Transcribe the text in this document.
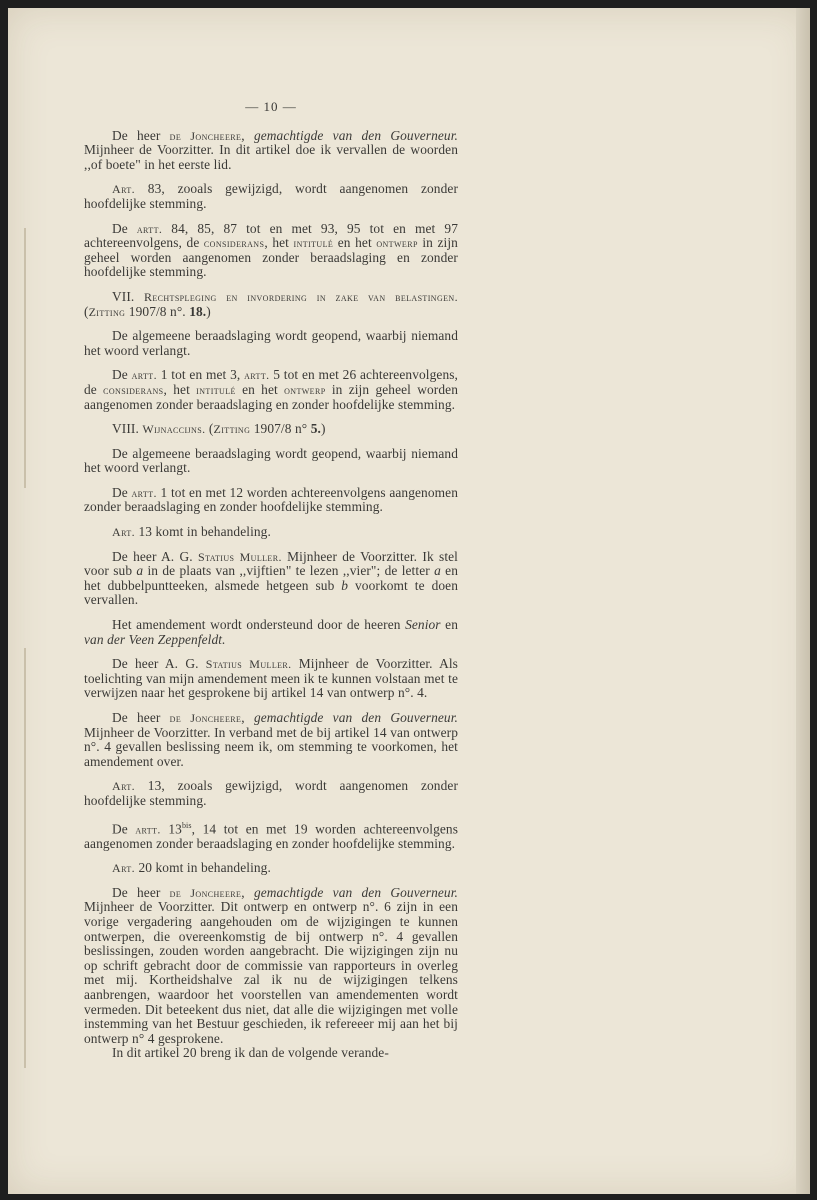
— 10 —

De heer de Joncheere, gemachtigde van den Gouverneur. Mijnheer de Voorzitter. In dit artikel doe ik vervallen de woorden ,,of boete" in het eerste lid.

Art. 83, zooals gewijzigd, wordt aangenomen zonder hoofdelijke stemming.

De artt. 84, 85, 87 tot en met 93, 95 tot en met 97 achtereenvolgens, de considerans, het intitulé en het ontwerp in zijn geheel worden aangenomen zonder beraadslaging en zonder hoofdelijke stemming.

VII. Rechtspleging en invordering in zake van belastingen. (Zitting 1907/8 n°. 18.)

De algemeene beraadslaging wordt geopend, waarbij niemand het woord verlangt.

De artt. 1 tot en met 3, artt. 5 tot en met 26 achtereenvolgens, de considerans, het intitulé en het ontwerp in zijn geheel worden aangenomen zonder beraadslaging en zonder hoofdelijke stemming.

VIII. Wijnaccijns. (Zitting 1907/8 n° 5.)

De algemeene beraadslaging wordt geopend, waarbij niemand het woord verlangt.

De artt. 1 tot en met 12 worden achtereenvolgens aangenomen zonder beraadslaging en zonder hoofdelijke stemming.

Art. 13 komt in behandeling.

De heer A. G. Statius Muller. Mijnheer de Voorzitter. Ik stel voor sub a in de plaats van ,,vijftien" te lezen ,,vier"; de letter a en het dubbelpuntteeken, alsmede hetgeen sub b voorkomt te doen vervallen.

Het amendement wordt ondersteund door de heeren Senior en van der Veen Zeppenfeldt.

De heer A. G. Statius Muller. Mijnheer de Voorzitter. Als toelichting van mijn amendement meen ik te kunnen volstaan met te verwijzen naar het gesprokene bij artikel 14 van ontwerp n°. 4.

De heer de Joncheere, gemachtigde van den Gouverneur. Mijnheer de Voorzitter. In verband met de bij artikel 14 van ontwerp n°. 4 gevallen beslissing neem ik, om stemming te voorkomen, het amendement over.

Art. 13, zooals gewijzigd, wordt aangenomen zonder hoofdelijke stemming.

De artt. $13^{bis}$, 14 tot en met 19 worden achtereenvolgens aangenomen zonder beraadslaging en zonder hoofdelijke stemming.

Art. 20 komt in behandeling.

De heer de Joncheere, gemachtigde van den Gouverneur. Mijnheer de Voorzitter. Dit ontwerp en ontwerp n°. 6 zijn in een vorige vergadering aangehouden om de wijzigingen te kunnen ontwerpen, die overeenkomstig de bij ontwerp n°. 4 gevallen beslissingen, zouden worden aangebracht. Die wijzigingen zijn nu op schrift gebracht door de commissie van rapporteurs in overleg met mij. Kortheidshalve zal ik nu de wijzigingen telkens aanbrengen, waardoor het voorstellen van amendementen wordt vermeden. Dit beteekent dus niet, dat alle die wijzigingen met volle instemming van het Bestuur geschieden, ik refereeer mij aan het bij ontwerp n° 4 gesprokene.

In dit artikel 20 breng ik dan de volgende verande-
